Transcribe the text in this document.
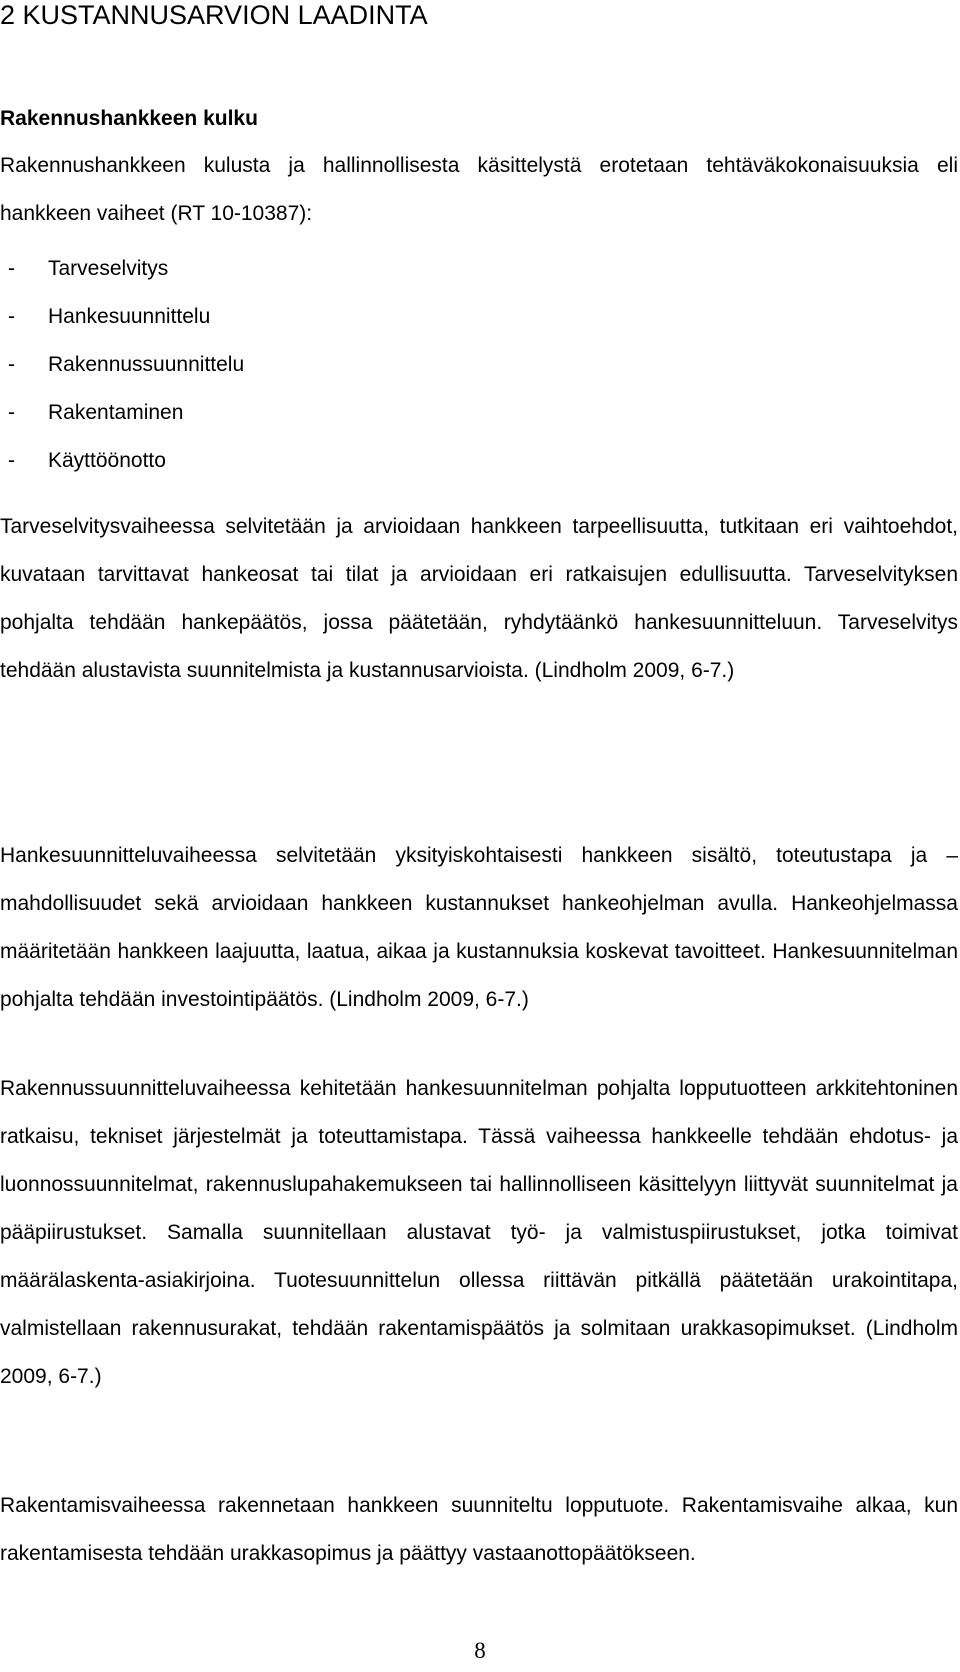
2 KUSTANNUSARVION LAADINTA
Rakennushankkeen kulku

Rakennushankkeen kulusta ja hallinnollisesta käsittelystä erotetaan tehtäväkokonaisuuksia eli hankkeen vaiheet (RT 10-10387):

-	Tarveselvitys
-	Hankesuunnittelu
-	Rakennussuunnittelu
-	Rakentaminen
-	Käyttöönotto

Tarveselvitysvaiheessa selvitetään ja arvioidaan hankkeen tarpeellisuutta, tutkitaan eri vaihtoehdot, kuvataan tarvittavat hankeosat tai tilat ja arvioidaan eri ratkaisujen edullisuutta. Tarveselvityksen pohjalta tehdään hankepäätös, jossa päätetään, ryhdytäänkö hankesuunnitteluun. Tarveselvitys tehdään alustavista suunnitelmista ja kustannusarvioista. (Lindholm 2009, 6-7.)

Hankesuunnitteluvaiheessa selvitetään yksityiskohtaisesti hankkeen sisältö, toteutustapa ja – mahdollisuudet sekä arvioidaan hankkeen kustannukset hankeohjelman avulla. Hankeohjelmassa määritetään hankkeen laajuutta, laatua, aikaa ja kustannuksia koskevat tavoitteet. Hankesuunnitelman pohjalta tehdään investointipäätös. (Lindholm 2009, 6-7.)

Rakennussuunnitteluvaiheessa kehitetään hankesuunnitelman pohjalta lopputuotteen arkkitehtoninen ratkaisu, tekniset järjestelmät ja toteuttamistapa. Tässä vaiheessa hankkeelle tehdään ehdotus- ja luonnossuunnitelmat, rakennuslupahakemukseen tai hallinnolliseen käsittelyyn liittyvät suunnitelmat ja pääpiirustukset. Samalla suunnitellaan alustavat työ- ja valmistuspiirustukset, jotka toimivat määrälaskenta-asiakirjoina. Tuotesuunnittelun ollessa riittävän pitkällä päätetään urakointitapa, valmistellaan rakennusurakat, tehdään rakentamispäätös ja solmitaan urakkasopimukset. (Lindholm 2009, 6-7.)

Rakentamisvaiheessa rakennetaan hankkeen suunniteltu lopputuote. Rakentamisvaihe alkaa, kun rakentamisesta tehdään urakkasopimus ja päättyy vastaanottopäätökseen.

8
